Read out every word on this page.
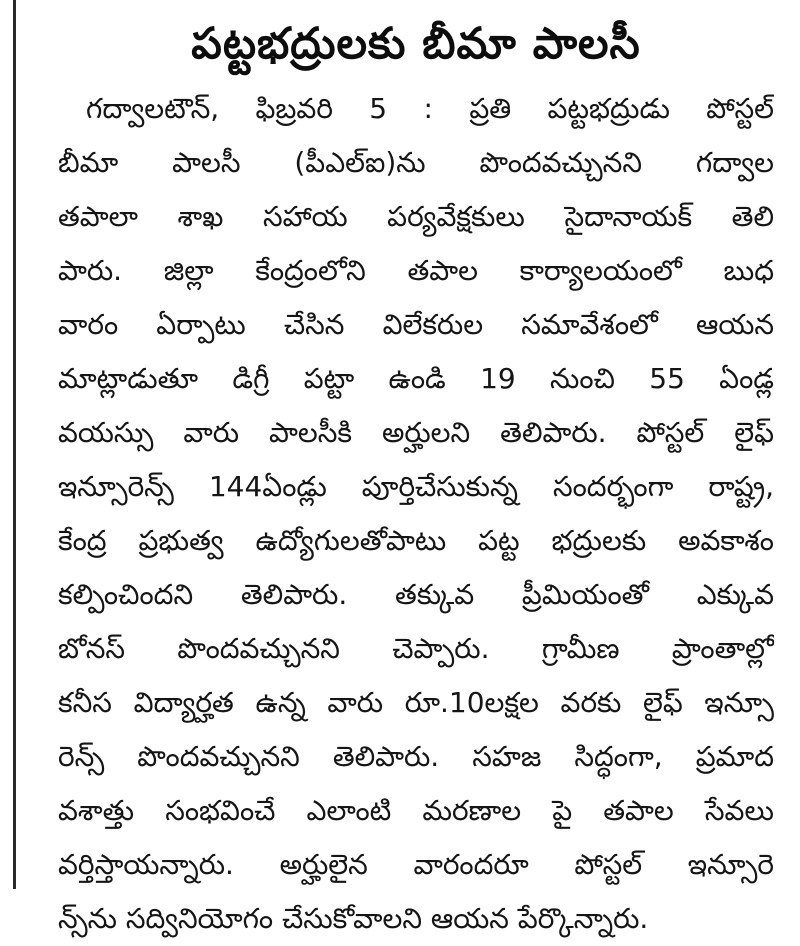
పట్టభద్రులకు బీమా పాలసీ
గద్వాలటౌన్, ఫిబ్రవరి 5 : ప్రతి పట్టభద్రుడు పోస్టల్
బీమా పాలసీ (పీఎల్ఐ)ను పొందవచ్చునని గద్వాల
తపాలా శాఖ సహాయ పర్యవేక్షకులు సైదానాయక్ తెలి
పారు. జిల్లా కేంద్రంలోని తపాల కార్యాలయంలో బుధ
వారం ఏర్పాటు చేసిన విలేకరుల సమావేశంలో ఆయన
మాట్లాడుతూ డిగ్రీ పట్టా ఉండి 19 నుంచి 55 ఏండ్ల
వయస్సు వారు పాలసీకి అర్హులని తెలిపారు. పోస్టల్ లైఫ్
ఇన్సూరెన్స్ 144ఏండ్లు పూర్తిచేసుకున్న సందర్భంగా రాష్ట్ర,
కేంద్ర ప్రభుత్వ ఉద్యోగులతోపాటు పట్ట భద్రులకు అవకాశం
కల్పించిందని తెలిపారు. తక్కువ ప్రీమియంతో ఎక్కువ
బోనస్ పొందవచ్చునని చెప్పారు. గ్రామీణ ప్రాంతాల్లో
కనీస విద్యార్హత ఉన్న వారు రూ.10లక్షల వరకు లైఫ్ ఇన్సూ
రెన్స్ పొందవచ్చునని తెలిపారు. సహజ సిద్ధంగా, ప్రమాద
వశాత్తు సంభవించే ఎలాంటి మరణాల పై తపాల సేవలు
వర్తిస్తాయన్నారు. అర్హులైన వారందరూ పోస్టల్ ఇన్సూరె
న్స్‌ను సద్వినియోగం చేసుకోవాలని ఆయన పేర్కొన్నారు.
